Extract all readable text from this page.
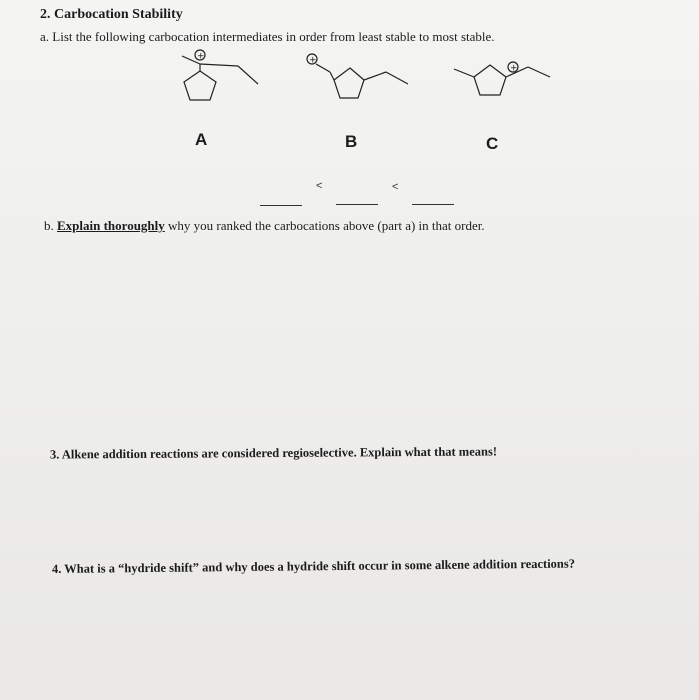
2. Carbocation Stability
a. List the following carbocation intermediates in order from least stable to most stable.
+	+
+
A	B	C
<	<
b. Explain thoroughly why you ranked the carbocations above (part a) in that order.
3. Alkene addition reactions are considered regioselective. Explain what that means!
4. What is a “hydride shift” and why does a hydride shift occur in some alkene addition reactions?
